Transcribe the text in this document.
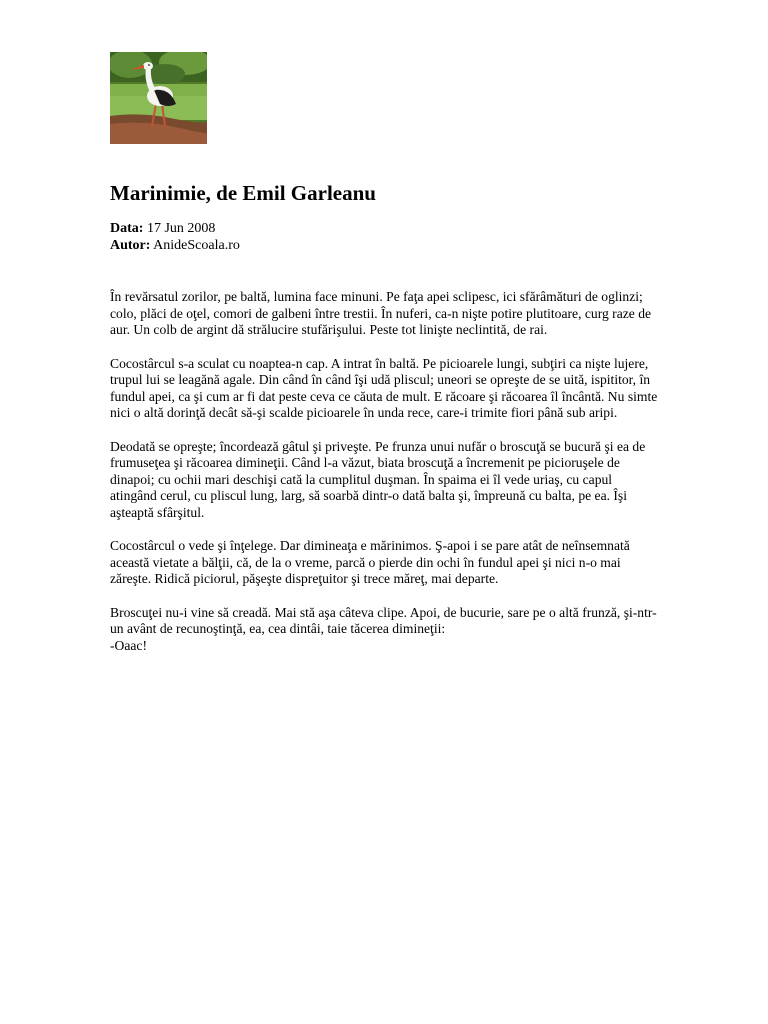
Marinimie, de Emil Garleanu
Data: 17 Jun 2008
Autor: AnideScoala.ro

În revărsatul zorilor, pe baltă, lumina face minuni. Pe faţa apei sclipesc, ici sfărâmături de oglinzi; colo, plăci de oţel, comori de galbeni între trestii. În nuferi, ca-n nişte potire plutitoare, curg raze de aur. Un colb de argint dă strălucire stufărişului. Peste tot linişte neclintită, de rai.

Cocostârcul s-a sculat cu noaptea-n cap. A intrat în baltă. Pe picioarele lungi, subţiri ca nişte lujere, trupul lui se leagănă agale. Din când în când îşi udă pliscul; uneori se opreşte de se uită, ispititor, în fundul apei, ca şi cum ar fi dat peste ceva ce căuta de mult. E răcoare şi răcoarea îl încântă. Nu simte nici o altă dorinţă decât să-şi scalde picioarele în unda rece, care-i trimite fiori până sub aripi.

Deodată se opreşte; încordează gâtul şi priveşte. Pe frunza unui nufăr o broscuţă se bucură şi ea de frumuseţea şi răcoarea dimineţii. Când l-a văzut, biata broscuţă a încremenit pe picioruşele de dinapoi; cu ochii mari deschişi cată la cumplitul duşman. În spaima ei îl vede uriaş, cu capul atingând cerul, cu pliscul lung, larg, să soarbă dintr-o dată balta şi, împreună cu balta, pe ea. Îşi aşteaptă sfârşitul.

Cocostârcul o vede şi înţelege. Dar dimineaţa e mărinimos. Ş-apoi i se pare atât de neînsemnată această vietate a bălţii, că, de la o vreme, parcă o pierde din ochi în fundul apei şi nici n-o mai zăreşte. Ridică piciorul, păşeşte dispreţuitor şi trece măreţ, mai departe.

Broscuţei nu-i vine să creadă. Mai stă aşa câteva clipe. Apoi, de bucurie, sare pe o altă frunză, şi-ntr-un avânt de recunoştinţă, ea, cea dintâi, taie tăcerea dimineţii:
-Oaac!
